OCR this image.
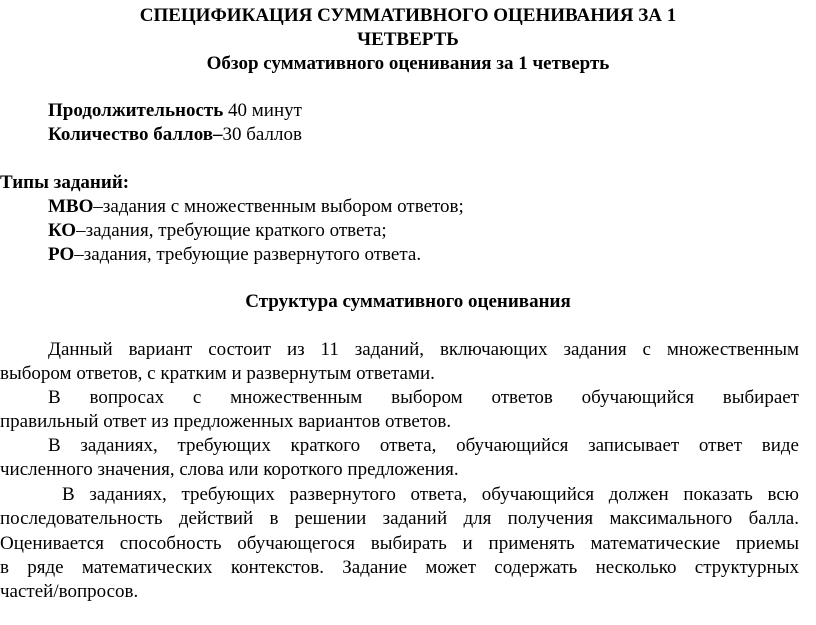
СПЕЦИФИКАЦИЯ СУММАТИВНОГО ОЦЕНИВАНИЯ ЗА 1
ЧЕТВЕРТЬ
Обзор суммативного оценивания за 1 четверть
Продолжительность 40 минут
Количество баллов–30 баллов
Типы заданий:
МВО–задания с множественным выбором ответов;
КО–задания, требующие краткого ответа;
РО–задания, требующие развернутого ответа.
Структура суммативного оценивания
Данный вариант состоит из 11 заданий, включающих задания с множественным
выбором ответов, с кратким и развернутым ответами.
В вопросах с множественным выбором ответов обучающийся выбирает
правильный ответ из предложенных вариантов ответов.
В заданиях, требующих краткого ответа, обучающийся записывает ответ виде
численного значения, слова или короткого предложения.
В заданиях, требующих развернутого ответа, обучающийся должен показать всю
последовательность действий в решении заданий для получения максимального балла.
Оценивается способность обучающегося выбирать и применять математические приемы
в ряде математических контекстов. Задание может содержать несколько структурных
частей/вопросов.
